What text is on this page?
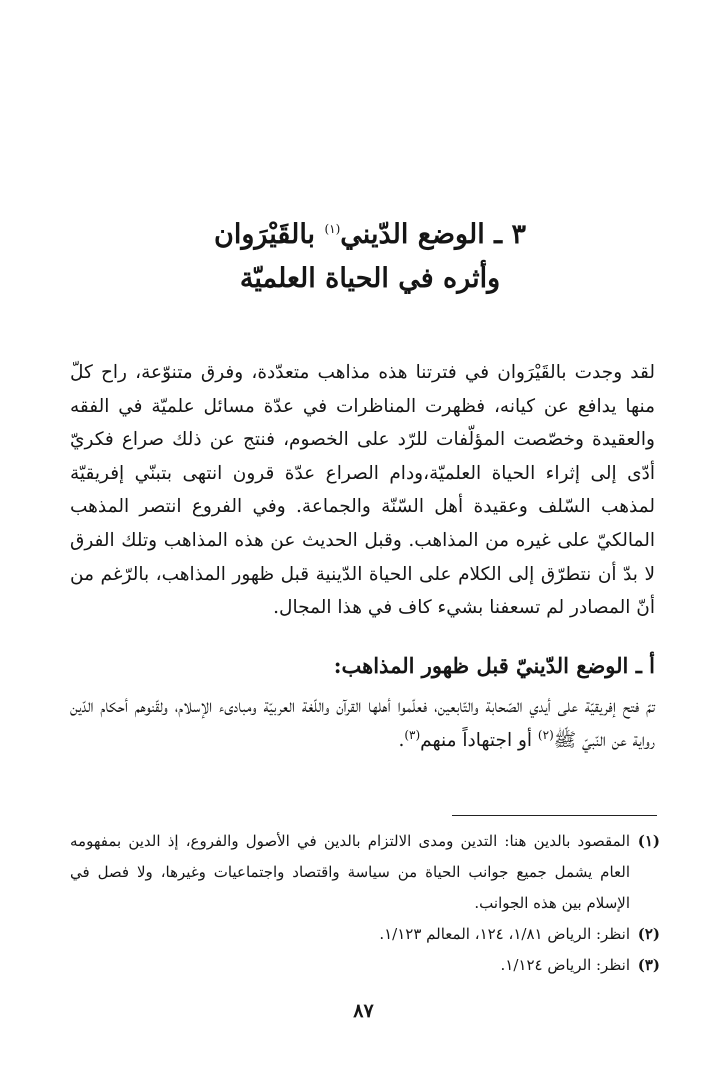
٣ ـ الوضع الدّيني$^{(١)}$ بالقَيْرَوان
وأثره في الحياة العلميّة

لقد وجدت بالقَيْرَوان في فترتنا هذه مذاهب متعدّدة، وفرق متنوّعة، راح كلّ منها يدافع عن كيانه، فظهرت المناظرات في عدّة مسائل علميّة في الفقه والعقيدة وخصّصت المؤلّفات للرّد على الخصوم، فنتج عن ذلك صراع فكريّ أدّى إلى إثراء الحياة العلميّة،ودام الصراع عدّة قرون انتهى بتبنّي إفريقيّة لمذهب السّلف وعقيدة أهل السّنّة والجماعة. وفي الفروع انتصر المذهب المالكيّ على غيره من المذاهب. وقبل الحديث عن هذه المذاهب وتلك الفرق لا بدّ أن نتطرّق إلى الكلام على الحياة الدّينية قبل ظهور المذاهب، بالرّغم من أنّ المصادر لم تسعفنا بشيء كاف في هذا المجال.

أ ـ الوضع الدّينيّ قبل ظهور المذاهب:

تمّ فتح إفريقيّة على أيدي الصّحابة والتّابعين، فعلّموا أهلها القرآن واللّغة العربيّة ومبادىء الإسلام، ولقّنوهم أحكام الدّين رواية عن النّبيّ ﷺ$^{(٢)}$ أو اجتهاداً منهم$^{(٣)}$.

(١)
المقصود بالدين هنا: التدين ومدى الالتزام بالدين في الأصول والفروع، إذ الدين بمفهومه العام يشمل جميع جوانب الحياة من سياسة واقتصاد واجتماعيات وغيرها، ولا فصل في الإسلام بين هذه الجوانب.
(٢)
انظر: الرياض ١/٨١، ١٢٤، المعالم ١/١٢٣.
(٣)
انظر: الرياض ١/١٢٤.
٨٧
